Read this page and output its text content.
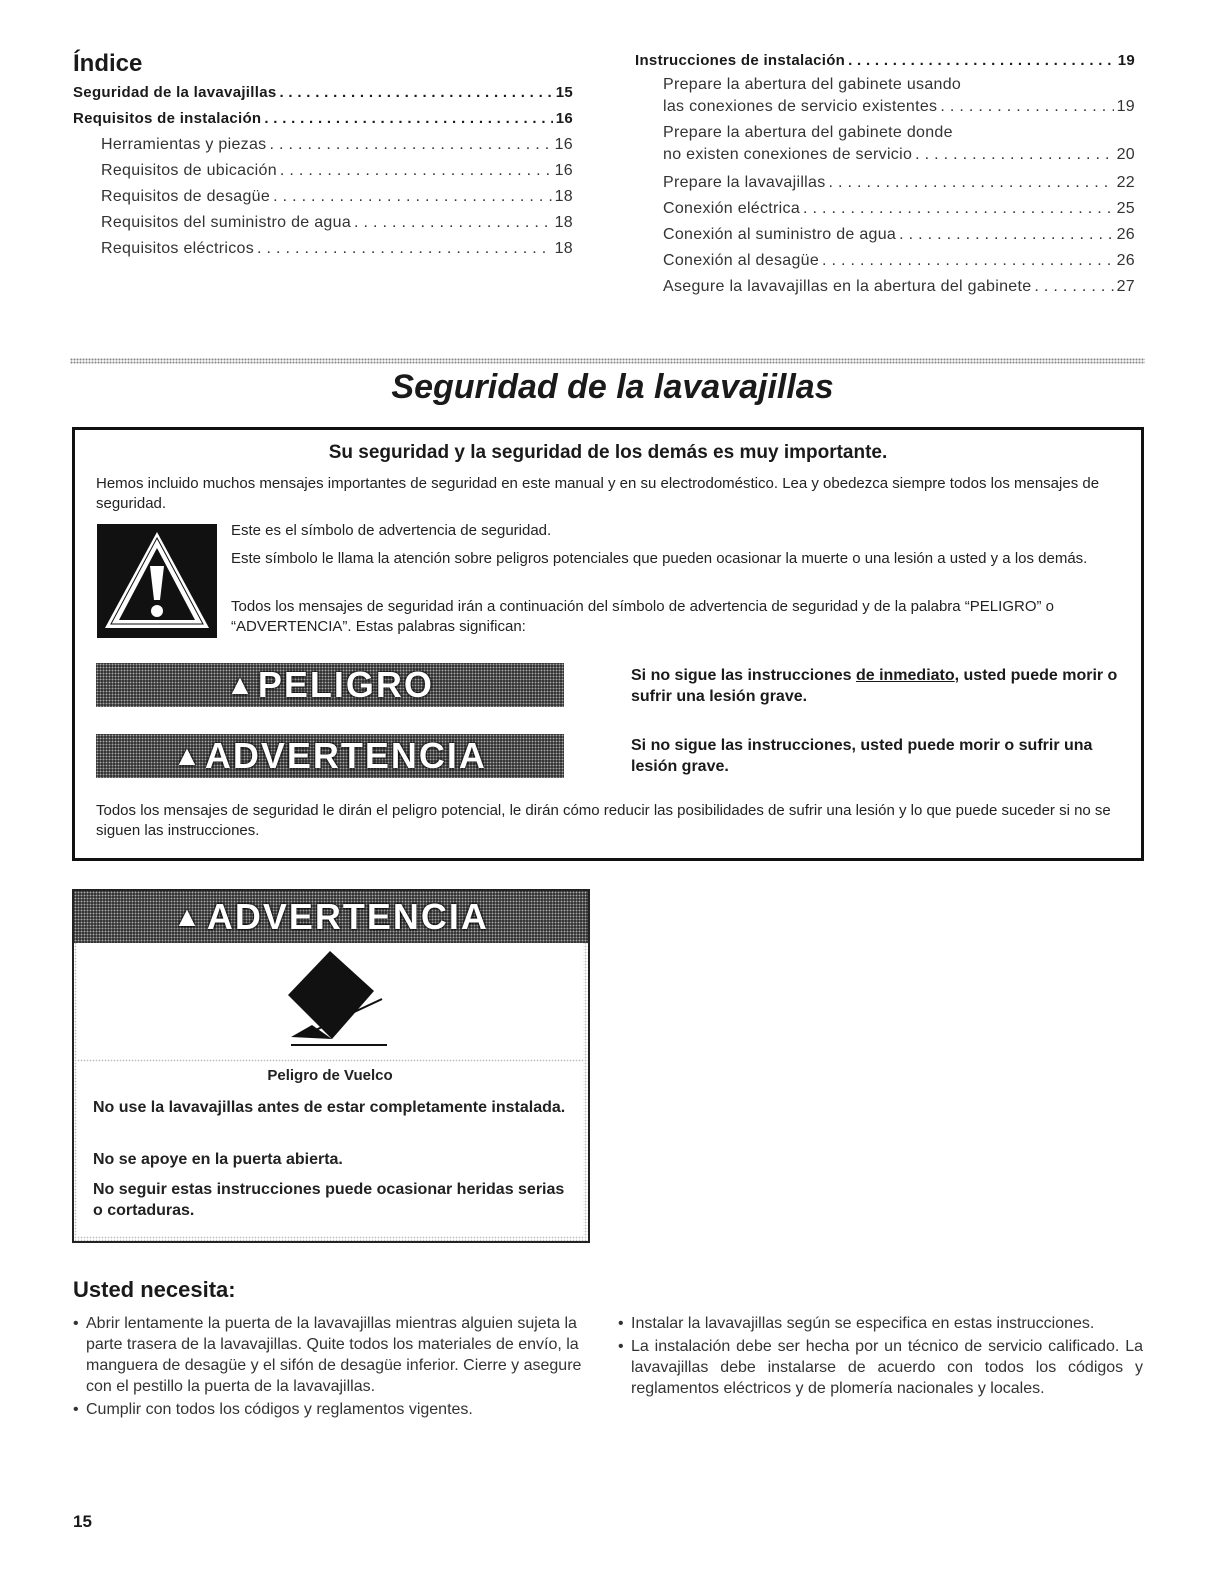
Índice
Seguridad de la lavavajillas . . .	15
Requisitos de instalación . . .	16
Herramientas y piezas . . .	16
Requisitos de ubicación . . .	16
Requisitos de desagüe . . .	18
Requisitos del suministro de agua . . .	18
Requisitos eléctricos . . .	18
Instrucciones de instalación . . .	19
Prepare la abertura del gabinete usando
las conexiones de servicio existentes . . .	19
Prepare la abertura del gabinete donde
no existen conexiones de servicio . . .	20
Prepare la lavavajillas . . .	22
Conexión eléctrica . . .	25
Conexión al suministro de agua . . .	26
Conexión al desagüe . . .	26
Asegure la lavavajillas en la abertura del gabinete . . .	27
Seguridad de la lavavajillas
Su seguridad y la seguridad de los demás es muy importante.
Hemos incluido muchos mensajes importantes de seguridad en este manual y en su electrodoméstico. Lea y obedezca siempre todos los mensajes de seguridad.
Este es el símbolo de advertencia de seguridad.
Este símbolo le llama la atención sobre peligros potenciales que pueden ocasionar la muerte o una lesión a usted y a los demás.
Todos los mensajes de seguridad irán a continuación del símbolo de advertencia de seguridad y de la palabra “PELIGRO” o “ADVERTENCIA”. Estas palabras significan:
▲ PELIGRO	Si no sigue las instrucciones de inmediato, usted puede morir o sufrir una lesión grave.
▲ ADVERTENCIA	Si no sigue las instrucciones, usted puede morir o sufrir una lesión grave.
Todos los mensajes de seguridad le dirán el peligro potencial, le dirán cómo reducir las posibilidades de sufrir una lesión y lo que puede suceder si no se siguen las instrucciones.
▲ ADVERTENCIA
Peligro de Vuelco
No use la lavavajillas antes de estar completamente instalada.
No se apoye en la puerta abierta.
No seguir estas instrucciones puede ocasionar heridas serias o cortaduras.
Usted necesita:
• Abrir lentamente la puerta de la lavavajillas mientras alguien sujeta la parte trasera de la lavavajillas. Quite todos los materiales de envío, la manguera de desagüe y el sifón de desagüe inferior. Cierre y asegure con el pestillo la puerta de la lavavajillas.
• Cumplir con todos los códigos y reglamentos vigentes.
• Instalar la lavavajillas según se especifica en estas instrucciones.
• La instalación debe ser hecha por un técnico de servicio calificado. La lavavajillas debe instalarse de acuerdo con todos los códigos y reglamentos eléctricos y de plomería nacionales y locales.
15
